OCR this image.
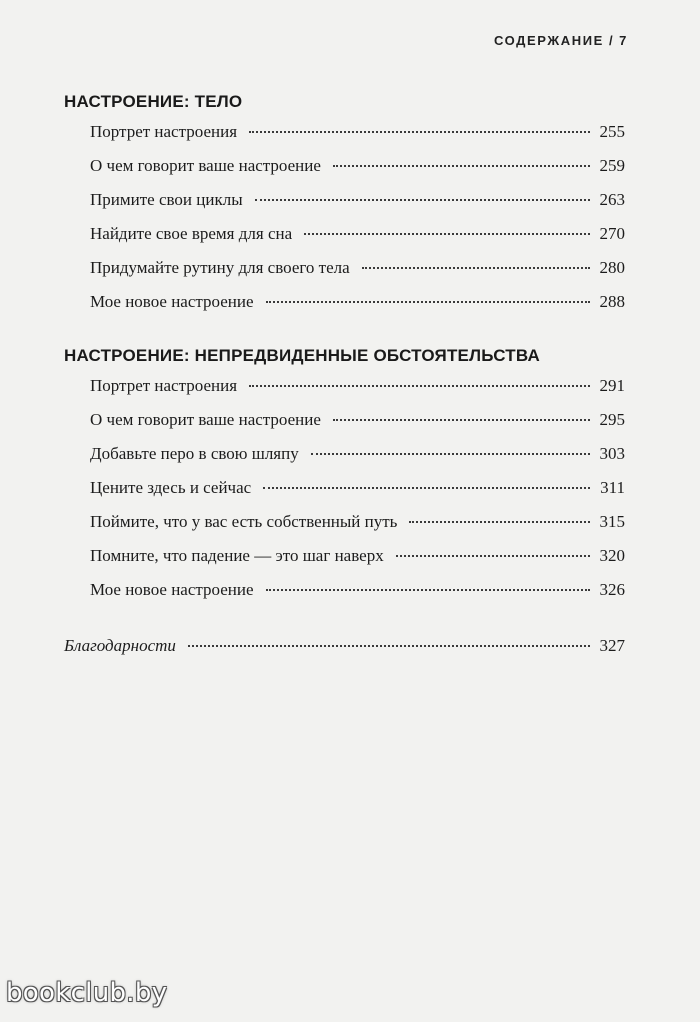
СОДЕРЖАНИЕ / 7
НАСТРОЕНИЕ: ТЕЛО
Портрет настроения	255
О чем говорит ваше настроение	259
Примите свои циклы	263
Найдите свое время для сна	270
Придумайте рутину для своего тела	280
Мое новое настроение	288
НАСТРОЕНИЕ: НЕПРЕДВИДЕННЫЕ ОБСТОЯТЕЛЬСТВА
Портрет настроения	291
О чем говорит ваше настроение	295
Добавьте перо в свою шляпу	303
Цените здесь и сейчас	311
Поймите, что у вас есть собственный путь	315
Помните, что падение — это шаг наверх	320
Мое новое настроение	326
Благодарности	327
bookclub.by
